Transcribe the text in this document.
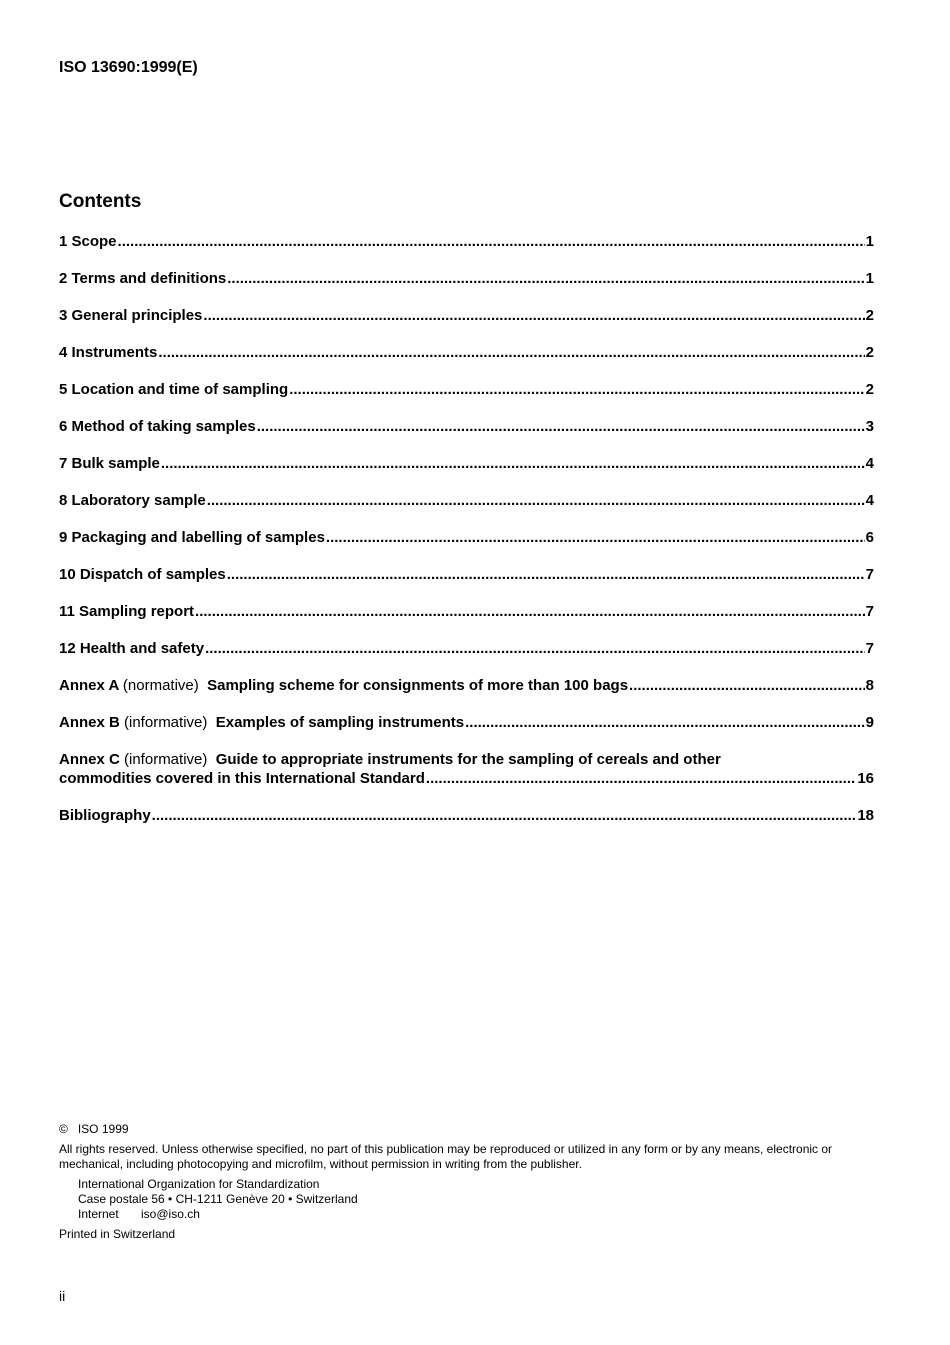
ISO 13690:1999(E)
Contents
1 Scope .....	1
2 Terms and definitions .....	1
3 General principles .....	2
4 Instruments .....	2
5 Location and time of sampling .....	2
6 Method of taking samples .....	3
7 Bulk sample .....	4
8 Laboratory sample .....	4
9 Packaging and labelling of samples .....	6
10 Dispatch of samples .....	7
11 Sampling report .....	7
12 Health and safety .....	7
Annex A (normative) Sampling scheme for consignments of more than 100 bags .....	8
Annex B (informative) Examples of sampling instruments .....	9
Annex C (informative) Guide to appropriate instruments for the sampling of cereals and other
commodities covered in this International Standard .....	16
Bibliography .....	18
©   ISO 1999
All rights reserved. Unless otherwise specified, no part of this publication may be reproduced or utilized in any form or by any means, electronic or mechanical, including photocopying and microfilm, without permission in writing from the publisher.
International Organization for Standardization
Case postale 56 • CH-1211 Genève 20 • Switzerland
Internet iso@iso.ch
Printed in Switzerland
ii
